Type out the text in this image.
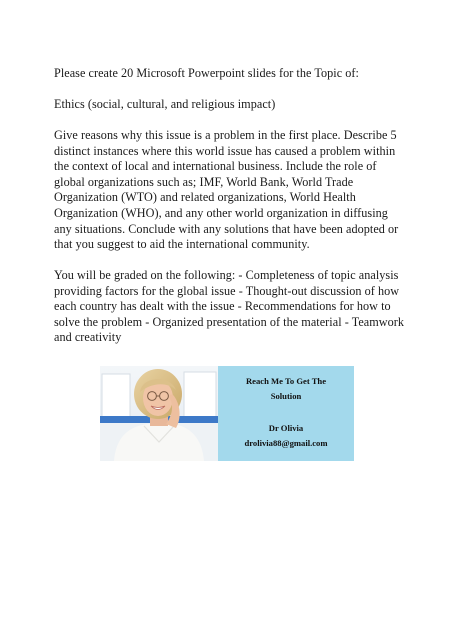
Please create 20 Microsoft Powerpoint slides for the Topic of:

Ethics (social, cultural, and religious impact)

Give reasons why this issue is a problem in the first place. Describe 5 distinct instances where this world issue has caused a problem within the context of local and international business. Include the role of global organizations such as; IMF, World Bank, World Trade Organization (WTO) and related organizations, World Health Organization (WHO), and any other world organization in diffusing any situations. Conclude with any solutions that have been adopted or that you suggest to aid the international community.

You will be graded on the following: - Completeness of topic analysis providing factors for the global issue - Thought-out discussion of how each country has dealt with the issue - Recommendations for how to solve the problem - Organized presentation of the material - Teamwork and creativity

Reach Me To Get The
Solution
Dr Olivia
drolivia88@gmail.com
